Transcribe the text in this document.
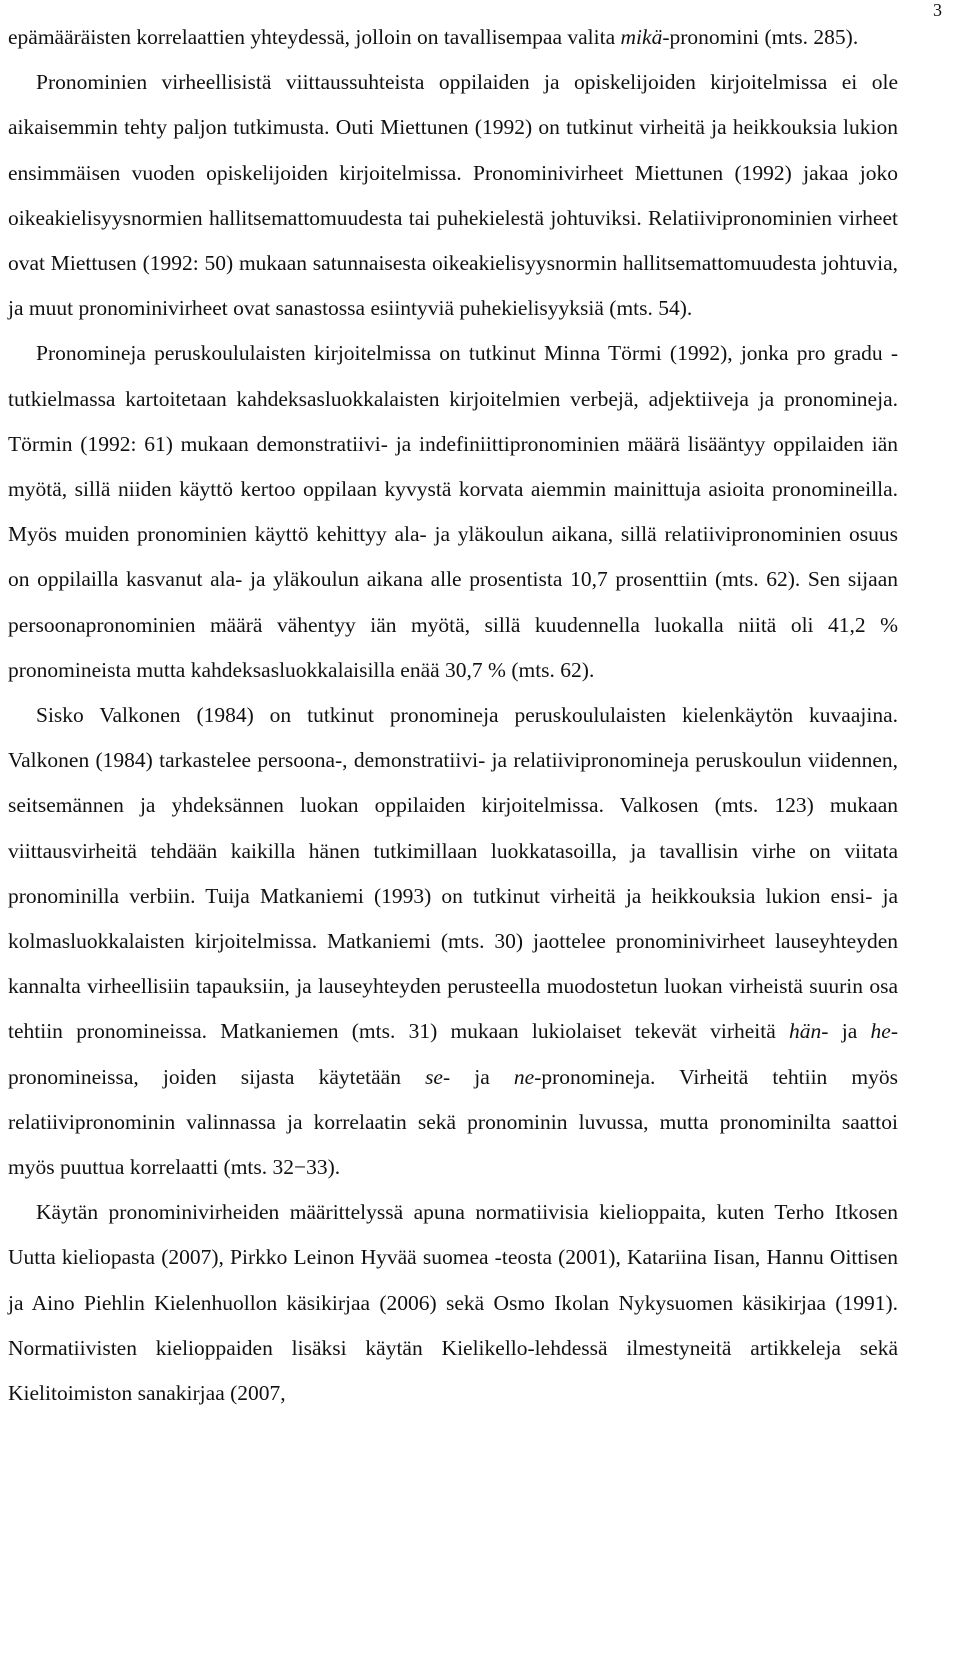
3

epämääräisten korrelaattien yhteydessä, jolloin on tavallisempaa valita mikä-pronomini (mts. 285).

Pronominien virheellisistä viittaussuhteista oppilaiden ja opiskelijoiden kirjoitelmissa ei ole aikaisemmin tehty paljon tutkimusta. Outi Miettunen (1992) on tutkinut virheitä ja heikkouksia lukion ensimmäisen vuoden opiskelijoiden kirjoitelmissa. Pronominivirheet Miettunen (1992) jakaa joko oikeakielisyysnormien hallitsemattomuudesta tai puhekielestä johtuviksi. Relatiivipronominien virheet ovat Miettusen (1992: 50) mukaan satunnaisesta oikeakielisyysnormin hallitsemattomuudesta johtuvia, ja muut pronominivirheet ovat sanastossa esiintyviä puhekielisyyksiä (mts. 54).

Pronomineja peruskoululaisten kirjoitelmissa on tutkinut Minna Törmi (1992), jonka pro gradu -tutkielmassa kartoitetaan kahdeksasluokkalaisten kirjoitelmien verbejä, adjektiiveja ja pronomineja. Törmin (1992: 61) mukaan demonstratiivi- ja indefiniittipronominien määrä lisääntyy oppilaiden iän myötä, sillä niiden käyttö kertoo oppilaan kyvystä korvata aiemmin mainittuja asioita pronomineilla. Myös muiden pronominien käyttö kehittyy ala- ja yläkoulun aikana, sillä relatiivipronominien osuus on oppilailla kasvanut ala- ja yläkoulun aikana alle prosentista 10,7 prosenttiin (mts. 62). Sen sijaan persoonapronominien määrä vähentyy iän myötä, sillä kuudennella luokalla niitä oli 41,2 % pronomineista mutta kahdeksasluokkalaisilla enää 30,7 % (mts. 62).

Sisko Valkonen (1984) on tutkinut pronomineja peruskoululaisten kielenkäytön kuvaajina. Valkonen (1984) tarkastelee persoona-, demonstratiivi- ja relatiivipronomineja peruskoulun viidennen, seitsemännen ja yhdeksännen luokan oppilaiden kirjoitelmissa. Valkosen (mts. 123) mukaan viittausvirheitä tehdään kaikilla hänen tutkimillaan luokkatasoilla, ja tavallisin virhe on viitata pronominilla verbiin. Tuija Matkaniemi (1993) on tutkinut virheitä ja heikkouksia lukion ensi- ja kolmasluokkalaisten kirjoitelmissa. Matkaniemi (mts. 30) jaottelee pronominivirheet lauseyhteyden kannalta virheellisiin tapauksiin, ja lauseyhteyden perusteella muodostetun luokan virheistä suurin osa tehtiin pronomineissa. Matkaniemen (mts. 31) mukaan lukiolaiset tekevät virheitä hän- ja he-pronomineissa, joiden sijasta käytetään se- ja ne-pronomineja. Virheitä tehtiin myös relatiivipronominin valinnassa ja korrelaatin sekä pronominin luvussa, mutta pronominilta saattoi myös puuttua korrelaatti (mts. 32−33).

Käytän pronominivirheiden määrittelyssä apuna normatiivisia kielioppaita, kuten Terho Itkosen Uutta kieliopasta (2007), Pirkko Leinon Hyvää suomea -teosta (2001), Katariina Iisan, Hannu Oittisen ja Aino Piehlin Kielenhuollon käsikirjaa (2006) sekä Osmo Ikolan Nykysuomen käsikirjaa (1991). Normatiivisten kielioppaiden lisäksi käytän Kielikello-lehdessä ilmestyneitä artikkeleja sekä Kielitoimiston sanakirjaa (2007,
